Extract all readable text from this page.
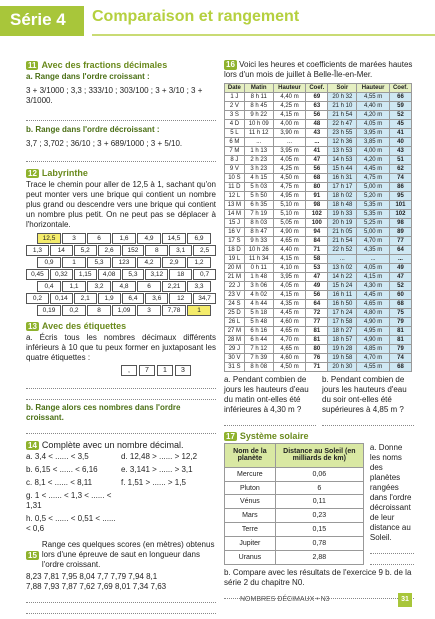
Série 4 Comparaison et rangement
11 Avec des fractions décimales
a. Range dans l'ordre croissant :
3 + 3/1000 ; 3,3 ; 333/10 ; 303/100 ; 3 + 3/10 ; 3 + 3/1000.
b. Range dans l'ordre décroissant :
3,7 ; 3,702 ; 36/10 ; 3 + 689/1000 ; 3 + 5/10.
12 Labyrinthe
Trace le chemin pour aller de 12,5 à 1, sachant qu'on peut monter vers une brique qui contient un nombre plus grand ou descendre vers une brique qui contient un nombre plus petit. On ne peut pas se déplacer à l'horizontale.
12,5	3	6	1,6	4,9	14,5	6,9
1,3	14	5,2	2,6	152	8	3,1	2,5
0,9	1	5,3	123	4,2	2,9	1,2
0,45	0,32	1,15	4,08	5,3	3,12	18	0,7
0,4	1,1	3,2	4,8	6	2,21	3,3
0,2	0,14	2,1	1,9	6,4	3,6	12	34,7
0,19	0,2	8	1,09	3	7,78	1
13 Avec des étiquettes
a. Écris tous les nombres décimaux différents inférieurs à 10 que tu peux former en juxtaposant les quatre étiquettes :
,	7	1	3
b. Range alors ces nombres dans l'ordre croissant.
14 Complète avec un nombre décimal.
a. 3,4 < ...... < 3,5	d. 12,48 > ...... > 12,2
b. 6,15 < ...... < 6,16	e. 3,141 > ...... > 3,1
c. 8,1 < ...... < 8,11	f. 1,51 > ...... > 1,5
g. 1 < ...... < 1,3 < ...... < 1,31
h. 0,5 < ...... < 0,51 < ...... < 0,6
15
Range ces quelques scores (en mètres) obtenus lors d'une épreuve de saut en longueur dans l'ordre croissant.
8,23 7,81 7,95 8,04 7,7 7,79 7,94 8,1
7,88 7,93 7,87 7,62 7,69 8,01 7,34 7,63
16 Voici les heures et coefficients de marées hautes lors d'un mois de juillet à Belle-Île-en-Mer.
Date	Matin	Hauteur	Coef.	Soir	Hauteur	Coef.
1 J	8 h 11	4,40 m	69	20 h 32	4,55 m	66
2 V	8 h 45	4,25 m	63	21 h 10	4,40 m	59
3 S	9 h 22	4,15 m	56	21 h 54	4,20 m	52
4 D	10 h 09	4,00 m	48	22 h 47	4,05 m	45
5 L	11 h 12	3,90 m	43	23 h 55	3,95 m	41
6 M	...	...	...	12 h 36	3,85 m	40
7 M	1 h 13	3,95 m	41	13 h 53	4,00 m	43
8 J	2 h 23	4,05 m	47	14 h 53	4,20 m	51
9 V	3 h 23	4,25 m	56	15 h 44	4,45 m	62
10 S	4 h 15	4,50 m	68	16 h 31	4,75 m	74
11 D	5 h 03	4,75 m	80	17 h 17	5,00 m	86
12 L	5 h 50	4,95 m	91	18 h 02	5,20 m	95
13 M	6 h 35	5,10 m	98	18 h 48	5,35 m	101
14 M	7 h 19	5,10 m	102	19 h 33	5,35 m	102
15 J	8 h 03	5,05 m	100	20 h 19	5,25 m	98
16 V	8 h 47	4,90 m	94	21 h 05	5,00 m	89
17 S	9 h 33	4,65 m	84	21 h 54	4,70 m	77
18 D	10 h 26	4,40 m	71	22 h 52	4,35 m	64
19 L	11 h 34	4,15 m	58	...	...	...
20 M	0 h 11	4,10 m	53	13 h 02	4,05 m	49
21 M	1 h 48	3,95 m	47	14 h 22	4,15 m	47
22 J	3 h 06	4,05 m	49	15 h 24	4,30 m	52
23 V	4 h 02	4,15 m	56	16 h 11	4,45 m	60
24 S	4 h 44	4,35 m	64	16 h 50	4,65 m	68
25 D	5 h 18	4,45 m	72	17 h 24	4,80 m	75
26 L	5 h 48	4,60 m	77	17 h 58	4,90 m	79
27 M	6 h 16	4,65 m	81	18 h 27	4,95 m	81
28 M	6 h 44	4,70 m	81	18 h 57	4,90 m	81
29 J	7 h 12	4,65 m	80	19 h 28	4,85 m	79
30 V	7 h 39	4,60 m	76	19 h 58	4,70 m	74
31 S	8 h 08	4,50 m	71	20 h 30	4,55 m	68
a. Pendant combien de jours les hauteurs d'eau du matin ont-elles été inférieures à 4,30 m ?
b. Pendant combien de jours les hauteurs d'eau du soir ont-elles été supérieures à 4,85 m ?
17 Système solaire
Nom de la planète	Distance au Soleil (en milliards de km)
Mercure	0,06
Pluton	6
Vénus	0,11
Mars	0,23
Terre	0,15
Jupiter	0,78
Uranus	2,88
a. Donne les noms des planètes rangées dans l'ordre décroissant de leur distance au Soleil.
b. Compare avec les résultats de l'exercice 9 b. de la série 2 du chapitre N0.
NOMBRES DÉCIMAUX • N3	31
